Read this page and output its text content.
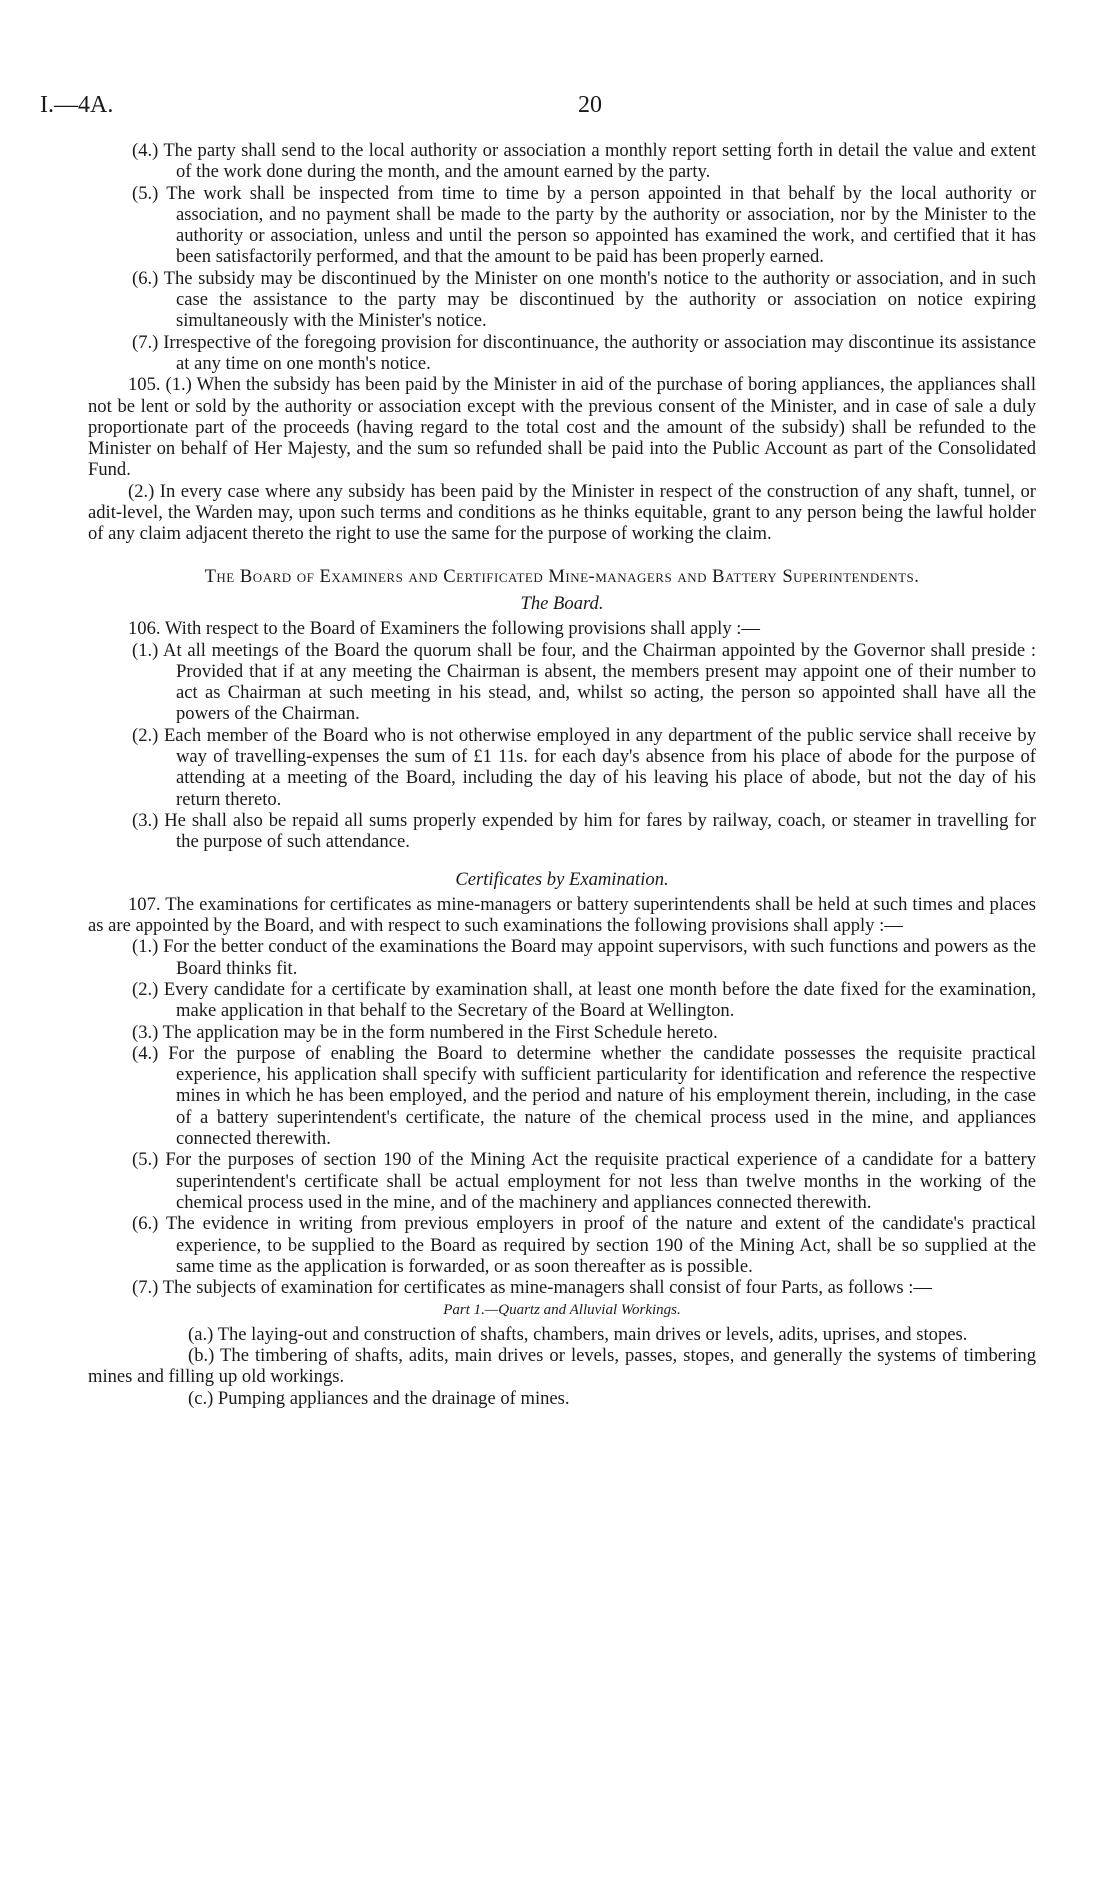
I.—4A.	20

(4.) The party shall send to the local authority or association a monthly report setting forth in detail the value and extent of the work done during the month, and the amount earned by the party.

(5.) The work shall be inspected from time to time by a person appointed in that behalf by the local authority or association, and no payment shall be made to the party by the authority or association, nor by the Minister to the authority or association, unless and until the person so appointed has examined the work, and certified that it has been satisfactorily performed, and that the amount to be paid has been properly earned.

(6.) The subsidy may be discontinued by the Minister on one month's notice to the authority or association, and in such case the assistance to the party may be discontinued by the authority or association on notice expiring simultaneously with the Minister's notice.

(7.) Irrespective of the foregoing provision for discontinuance, the authority or association may discontinue its assistance at any time on one month's notice.

105. (1.) When the subsidy has been paid by the Minister in aid of the purchase of boring appliances, the appliances shall not be lent or sold by the authority or association except with the previous consent of the Minister, and in case of sale a duly proportionate part of the proceeds (having regard to the total cost and the amount of the subsidy) shall be refunded to the Minister on behalf of Her Majesty, and the sum so refunded shall be paid into the Public Account as part of the Consolidated Fund.

(2.) In every case where any subsidy has been paid by the Minister in respect of the construction of any shaft, tunnel, or adit-level, the Warden may, upon such terms and conditions as he thinks equitable, grant to any person being the lawful holder of any claim adjacent thereto the right to use the same for the purpose of working the claim.

The Board of Examiners and Certificated Mine-managers and Battery Superintendents.

The Board.

106. With respect to the Board of Examiners the following provisions shall apply :—

(1.) At all meetings of the Board the quorum shall be four, and the Chairman appointed by the Governor shall preside : Provided that if at any meeting the Chairman is absent, the members present may appoint one of their number to act as Chairman at such meeting in his stead, and, whilst so acting, the person so appointed shall have all the powers of the Chairman.

(2.) Each member of the Board who is not otherwise employed in any department of the public service shall receive by way of travelling-expenses the sum of £1 11s. for each day's absence from his place of abode for the purpose of attending at a meeting of the Board, including the day of his leaving his place of abode, but not the day of his return thereto.

(3.) He shall also be repaid all sums properly expended by him for fares by railway, coach, or steamer in travelling for the purpose of such attendance.

Certificates by Examination.

107. The examinations for certificates as mine-managers or battery superintendents shall be held at such times and places as are appointed by the Board, and with respect to such examinations the following provisions shall apply :—

(1.) For the better conduct of the examinations the Board may appoint supervisors, with such functions and powers as the Board thinks fit.

(2.) Every candidate for a certificate by examination shall, at least one month before the date fixed for the examination, make application in that behalf to the Secretary of the Board at Wellington.

(3.) The application may be in the form numbered in the First Schedule hereto.

(4.) For the purpose of enabling the Board to determine whether the candidate possesses the requisite practical experience, his application shall specify with sufficient particularity for identification and reference the respective mines in which he has been employed, and the period and nature of his employment therein, including, in the case of a battery superintendent's certificate, the nature of the chemical process used in the mine, and appliances connected therewith.

(5.) For the purposes of section 190 of the Mining Act the requisite practical experience of a candidate for a battery superintendent's certificate shall be actual employment for not less than twelve months in the working of the chemical process used in the mine, and of the machinery and appliances connected therewith.

(6.) The evidence in writing from previous employers in proof of the nature and extent of the candidate's practical experience, to be supplied to the Board as required by section 190 of the Mining Act, shall be so supplied at the same time as the application is forwarded, or as soon thereafter as is possible.

(7.) The subjects of examination for certificates as mine-managers shall consist of four Parts, as follows :—

Part 1.—Quartz and Alluvial Workings.

(a.) The laying-out and construction of shafts, chambers, main drives or levels, adits, uprises, and stopes.

(b.) The timbering of shafts, adits, main drives or levels, passes, stopes, and generally the systems of timbering mines and filling up old workings.

(c.) Pumping appliances and the drainage of mines.
